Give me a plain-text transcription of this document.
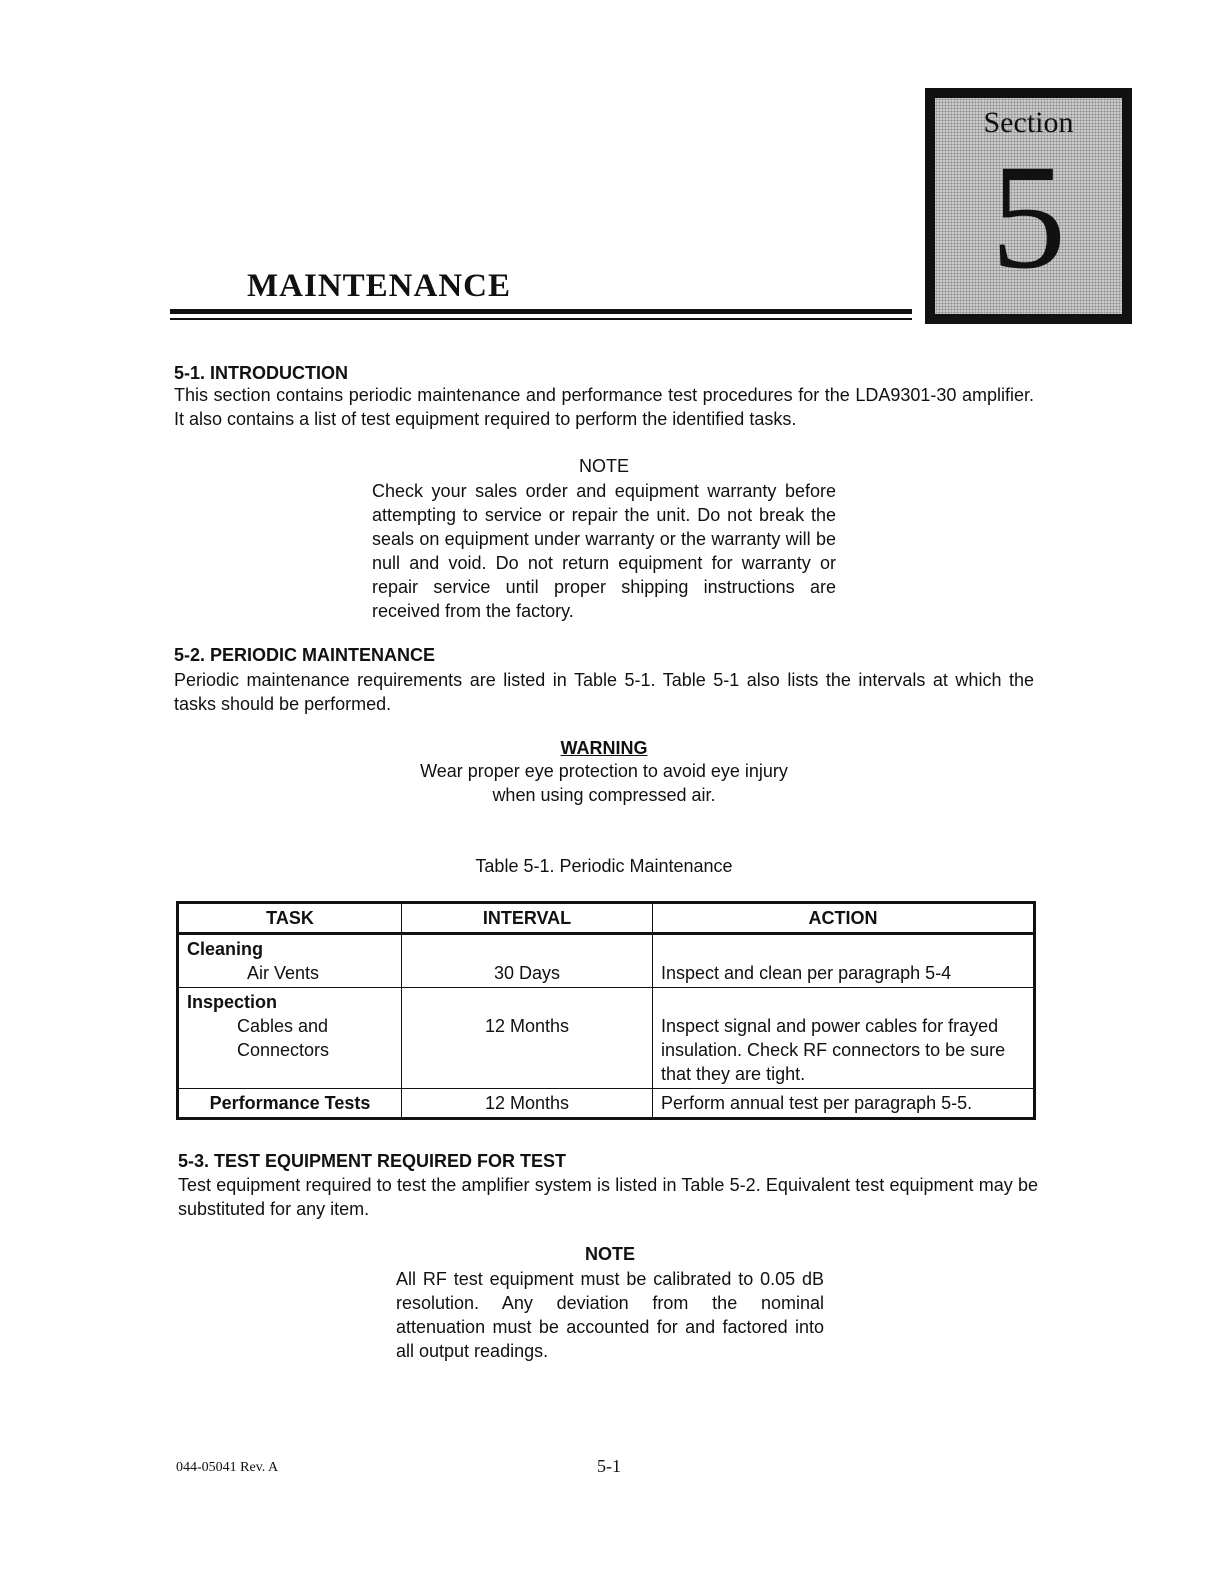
MAINTENANCE
Section
5
5-1. INTRODUCTION
This section contains periodic maintenance and performance test procedures for the LDA9301-30 amplifier. It also contains a list of test equipment required to perform the identified tasks.
NOTE
Check your sales order and equipment warranty before attempting to service or repair the unit. Do not break the seals on equipment under warranty or the warranty will be null and void. Do not return equipment for warranty or repair service until proper shipping instructions are received from the factory.
5-2. PERIODIC MAINTENANCE
Periodic maintenance requirements are listed in Table 5-1. Table 5-1 also lists the intervals at which the tasks should be performed.
WARNING
Wear proper eye protection to avoid eye injury
when using compressed air.
Table 5-1. Periodic Maintenance
TASK	INTERVAL	ACTION

Cleaning
Air Vents	30 Days	Inspect and clean per paragraph 5-4

Inspection
Cables and Connectors	12 Months	Inspect signal and power cables for frayed insulation. Check RF connectors to be sure that they are tight.
Performance Tests	12 Months	Perform annual test per paragraph 5-5.
5-3. TEST EQUIPMENT REQUIRED FOR TEST
Test equipment required to test the amplifier system is listed in Table 5-2. Equivalent test equipment may be substituted for any item.
NOTE
All RF test equipment must be calibrated to 0.05 dB resolution. Any deviation from the nominal attenuation must be accounted for and factored into all output readings.
044-05041 Rev. A	5-1
